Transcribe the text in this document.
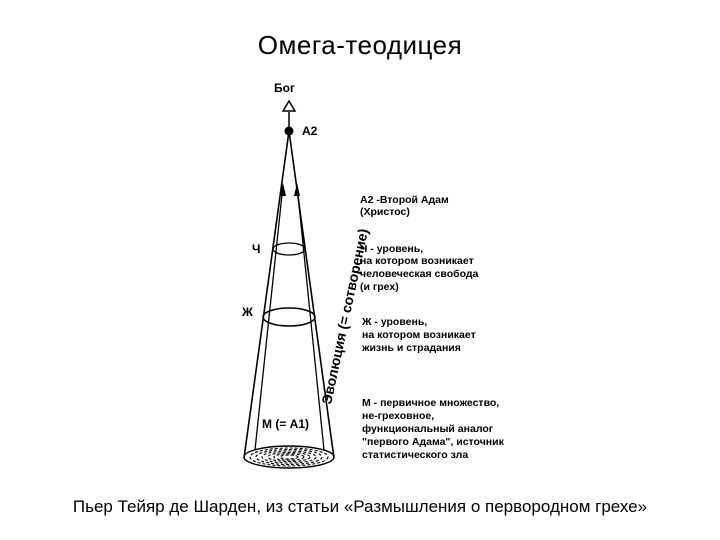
Омега-теодицея
Бог
А2
Ч
Ж
М (= А1)
Эволюция (= сотворение)
А2 -Второй Адам
(Христос)
Ч - уровень,
на котором возникает
человеческая свобода
(и грех)
Ж - уровень,
на котором возникает
жизнь и страдания
М - первичное множество,
не-греховное,
функциональный аналог
"первого Адама", источник
статистического зла
Пьер Тейяр де Шарден, из статьи «Размышления о первородном грехе»
